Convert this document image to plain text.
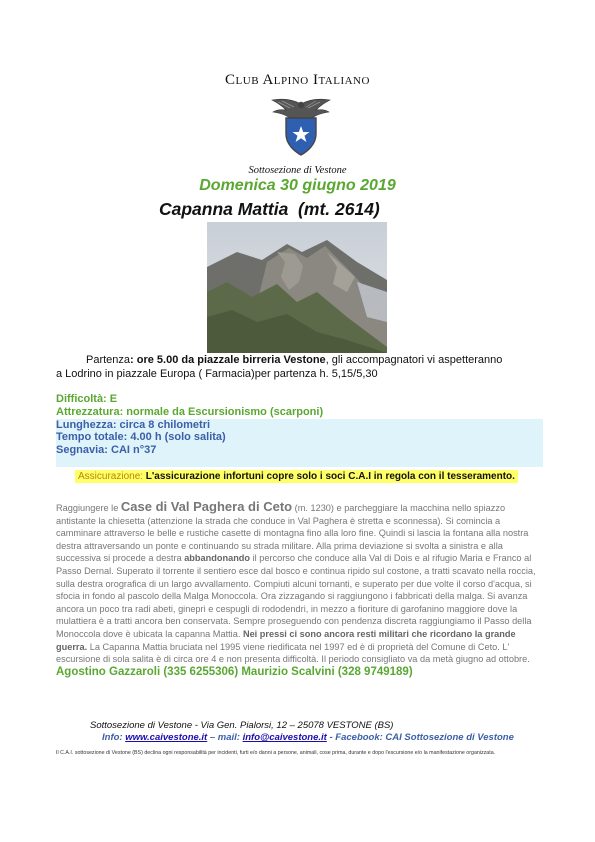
Club Alpino Italiano
Sottosezione di Vestone
Domenica 30 giugno 2019
Capanna Mattia  (mt. 2614)
Partenza: ore 5.00 da piazzale birreria Vestone, gli accompagnatori vi aspetteranno
a Lodrino in piazzale Europa ( Farmacia)per partenza h. 5,15/5,30
Difficoltà: E
Attrezzatura: normale da Escursionismo (scarponi)
Lunghezza: circa 8 chilometri
Tempo totale: 4.00 h (solo salita)
Segnavia: CAI n°37
Assicurazione: L'assicurazione infortuni copre solo i soci C.A.I in regola con il tesseramento.
Raggiungere le Case di Val Paghera di Ceto (m. 1230) e parcheggiare la macchina nello spiazzo antistante la chiesetta (attenzione la strada che conduce in Val Paghera è stretta e sconnessa). Si comincia a camminare attraverso le belle e rustiche casette di montagna fino alla loro fine. Quindi si lascia la fontana alla nostra destra attraversando un ponte e continuando su strada militare. Alla prima deviazione si svolta a sinistra e alla successiva si procede a destra abbandonando il percorso che conduce alla Val di Dois e al rifugio Maria e Franco al Passo Dernal. Superato il torrente il sentiero esce dal bosco e continua ripido sul costone, a tratti scavato nella roccia, sulla destra orografica di un largo avvallamento. Compiuti alcuni tornanti, e superato per due volte il corso d'acqua, si sfocia in fondo al pascolo della Malga Monoccola. Ora zizzagando si raggiungono i fabbricati della malga. Si avanza ancora un poco tra radi abeti, ginepri e cespugli di rododendri, in mezzo a fioriture di garofanino maggiore dove la mulattiera è a tratti ancora ben conservata. Sempre proseguendo con pendenza discreta raggiungiamo il Passo della Monoccola dove è ubicata la capanna Mattia. Nei pressi ci sono ancora resti militari che ricordano la grande guerra. La Capanna Mattia bruciata nel 1995 viene riedificata nel 1997 ed è di proprietà del Comune di Ceto. L' escursione di sola salita è di circa ore 4 e non presenta difficoltà. Il periodo consigliato va da metà giugno ad ottobre.
Agostino Gazzaroli (335 6255306) Maurizio Scalvini (328 9749189)
Sottosezione di Vestone - Via Gen. Pialorsi, 12 – 25078 VESTONE (BS)
Info: www.caivestone.it – mail: info@caivestone.it - Facebook: CAI Sottosezione di Vestone
Il C.A.I. sottosezione di Vestone (BS) declina ogni responsabilità per incidenti, furti e/o danni a persone, animali, cose prima, durante e dopo l'escursione e/o la manifestazione organizzata.
